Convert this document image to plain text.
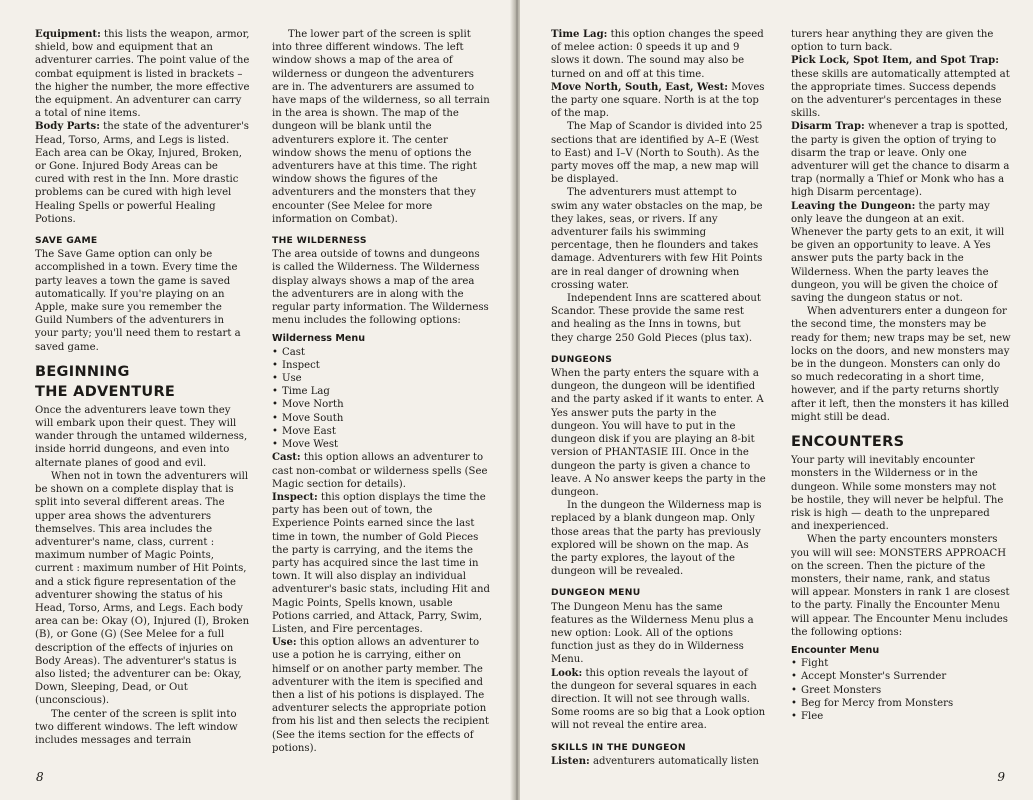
Equipment: this lists the weapon, armor, shield, bow and equipment that an adventurer carries. The point value of the combat equipment is listed in brackets – the higher the number, the more effective the equipment. An adventurer can carry a total of nine items.

Body Parts: the state of the adventurer's Head, Torso, Arms, and Legs is listed. Each area can be Okay, Injured, Broken, or Gone. Injured Body Areas can be cured with rest in the Inn. More drastic problems can be cured with high level Healing Spells or powerful Healing Potions.

SAVE GAME

The Save Game option can only be accomplished in a town. Every time the party leaves a town the game is saved automatically. If you're playing on an Apple, make sure you remember the Guild Numbers of the adventurers in your party; you'll need them to restart a saved game.

BEGINNING
THE ADVENTURE

Once the adventurers leave town they will embark upon their quest. They will wander through the untamed wilderness, inside horrid dungeons, and even into alternate planes of good and evil.

When not in town the adventurers will be shown on a complete display that is split into several different areas. The upper area shows the adventurers themselves. This area includes the adventurer's name, class, current : maximum number of Magic Points, current : maximum number of Hit Points, and a stick figure representation of the adventurer showing the status of his Head, Torso, Arms, and Legs. Each body area can be: Okay (O), Injured (I), Broken (B), or Gone (G) (See Melee for a full description of the effects of injuries on Body Areas). The adventurer's status is also listed; the adventurer can be: Okay, Down, Sleeping, Dead, or Out (unconscious).

The center of the screen is split into two different windows. The left window includes messages and terrain

The lower part of the screen is split into three different windows. The left window shows a map of the area of wilderness or dungeon the adventurers are in. The adventurers are assumed to have maps of the wilderness, so all terrain in the area is shown. The map of the dungeon will be blank until the adventurers explore it. The center window shows the menu of options the adventurers have at this time. The right window shows the figures of the adventurers and the monsters that they encounter (See Melee for more information on Combat).

THE WILDERNESS

The area outside of towns and dungeons is called the Wilderness. The Wilderness display always shows a map of the area the adventurers are in along with the regular party information. The Wilderness menu includes the following options:

Wilderness Menu
• Cast
• Inspect
• Use
• Time Lag
• Move North
• Move South
• Move East
• Move West

Cast: this option allows an adventurer to cast non-combat or wilderness spells (See Magic section for details).

Inspect: this option displays the time the party has been out of town, the Experience Points earned since the last time in town, the number of Gold Pieces the party is carrying, and the items the party has acquired since the last time in town. It will also display an individual adventurer's basic stats, including Hit and Magic Points, Spells known, usable Potions carried, and Attack, Parry, Swim, Listen, and Fire percentages.

Use: this option allows an adventurer to use a potion he is carrying, either on himself or on another party member. The adventurer with the item is specified and then a list of his potions is displayed. The adventurer selects the appropriate potion from his list and then selects the recipient (See the items section for the effects of potions).

8

Time Lag: this option changes the speed of melee action: 0 speeds it up and 9 slows it down. The sound may also be turned on and off at this time.

Move North, South, East, West: Moves the party one square. North is at the top of the map.

The Map of Scandor is divided into 25 sections that are identified by A–E (West to East) and I–V (North to South). As the party moves off the map, a new map will be displayed.

The adventurers must attempt to swim any water obstacles on the map, be they lakes, seas, or rivers. If any adventurer fails his swimming percentage, then he flounders and takes damage. Adventurers with few Hit Points are in real danger of drowning when crossing water.

Independent Inns are scattered about Scandor. These provide the same rest and healing as the Inns in towns, but they charge 250 Gold Pieces (plus tax).

DUNGEONS

When the party enters the square with a dungeon, the dungeon will be identified and the party asked if it wants to enter. A Yes answer puts the party in the dungeon. You will have to put in the dungeon disk if you are playing an 8-bit version of PHANTASIE III. Once in the dungeon the party is given a chance to leave. A No answer keeps the party in the dungeon.

In the dungeon the Wilderness map is replaced by a blank dungeon map. Only those areas that the party has previously explored will be shown on the map. As the party explores, the layout of the dungeon will be revealed.

DUNGEON MENU

The Dungeon Menu has the same features as the Wilderness Menu plus a new option: Look. All of the options function just as they do in Wilderness Menu.

Look: this option reveals the layout of the dungeon for several squares in each direction. It will not see through walls. Some rooms are so big that a Look option will not reveal the entire area.

SKILLS IN THE DUNGEON

Listen: adventurers automatically listen

turers hear anything they are given the option to turn back.

Pick Lock, Spot Item, and Spot Trap: these skills are automatically attempted at the appropriate times. Success depends on the adventurer's percentages in these skills.

Disarm Trap: whenever a trap is spotted, the party is given the option of trying to disarm the trap or leave. Only one adventurer will get the chance to disarm a trap (normally a Thief or Monk who has a high Disarm percentage).

Leaving the Dungeon: the party may only leave the dungeon at an exit. Whenever the party gets to an exit, it will be given an opportunity to leave. A Yes answer puts the party back in the Wilderness. When the party leaves the dungeon, you will be given the choice of saving the dungeon status or not.

When adventurers enter a dungeon for the second time, the monsters may be ready for them; new traps may be set, new locks on the doors, and new monsters may be in the dungeon. Monsters can only do so much redecorating in a short time, however, and if the party returns shortly after it left, then the monsters it has killed might still be dead.

ENCOUNTERS

Your party will inevitably encounter monsters in the Wilderness or in the dungeon. While some monsters may not be hostile, they will never be helpful. The risk is high — death to the unprepared and inexperienced.

When the party encounters monsters you will will see: MONSTERS APPROACH on the screen. Then the picture of the monsters, their name, rank, and status will appear. Monsters in rank 1 are closest to the party. Finally the Encounter Menu will appear. The Encounter Menu includes the following options:

Encounter Menu
• Fight
• Accept Monster's Surrender
• Greet Monsters
• Beg for Mercy from Monsters
• Flee
9
